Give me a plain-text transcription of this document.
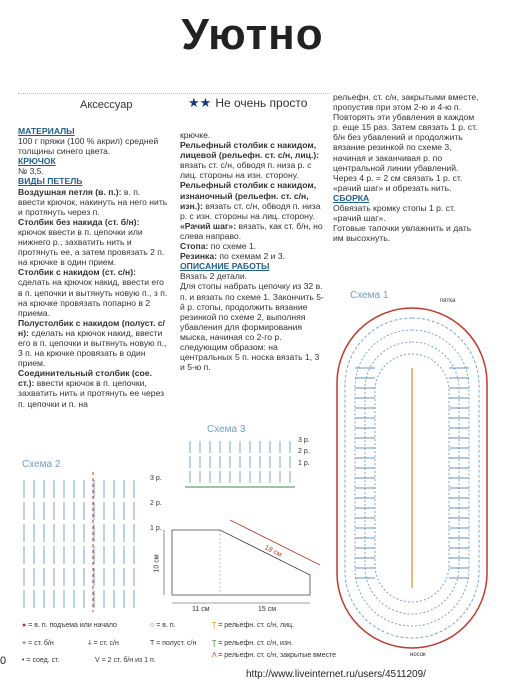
Уютно
Аксессуар	★★ Не очень просто

МАТЕРИАЛЫ

100 г пряжи (100 % акрил) средней толщины синего цвета.

КРЮЧОК

№ 3,5.

ВИДЫ ПЕТЕЛЬ

Воздушная петля (в. п.): в. п. ввести крючок, накинуть на него нить и протянуть через п.

Столбик без накида (ст. б/н): крючок ввести в п. цепочки или нижнего р., захватить нить и протянуть ее, а затем провязать 2 п. на крючке в один прием.

Столбик с накидом (ст. с/н): сделать на крючок накид, ввести его в п. цепочки и вытянуть новую п., з п. на крючке провязать попарно в 2 приема.

Полустолбик с накидом (полуст. с/н): сделать на крючок накид, ввести его в п. цепочки и вытянуть новую п., 3 п. на крючке провязать в один прием.

Соединительный столбик (сое. ст.): ввести крючок в п. цепочки, захватить нить и протянуть ее через п. цепочки и п. на

крючке.

Рельефный столбик с накидом, лицевой (рельефн. ст. с/н, лиц.): вязать ст. с/н, обводя п. низа р. с лиц. стороны на изн. сторону.

Рельефный столбик с накидом, изнаночный (рельефн. ст. с/н, изн.): вязать ст. с/н, обводя п. низа р. с изн. стороны на лиц. сторону.

«Рачий шаг»: вязать, как ст. б/н, но слева направо.

Стопа: по схеме 1.

Резинка: по схемам 2 и 3.

ОПИСАНИЕ РАБОТЫ

Вязать 2 детали.

Для стопы набрать цепочку из 32 в. п. и вязать по схеме 1. Закончить 5-й р. стопы, продолжить вязание резинкой по схеме 2, выполняя убавления для формирования мыска, начиная со 2-го р. следующим образом: на центральных 5 п. носка вязать 1, 3 и 5-ю п.

рельефн. ст. с/н, закрытыми вместе, пропустив при этом 2-ю и 4-ю п. Повторять эти убавления в каждом р. еще 15 раз. Затем связать 1 р. ст. б/н без убавлений и продолжить вязание резинкой по схеме 3, начиная и заканчивая р. по центральной линии убавлений. Через 4 р. = 2 см связать 1 р. ст. «рачий шаг» и обрезать нить.

СБОРКА

Обвязать кромку стопы 1 р. ст. «рачий шаг».

Готовые тапочки увлажнить и дать им высохнуть.

Схема 1	пятка
носок
Схема 2
3 р.
2 р.
1 р.
Схема 3
3 р.
2 р.
1 р.
18 см
10 см
11 см	15 см
● = в. п. подъема или начало	○ = в. п.	Ʈ = рельефн. ст. с/н, лиц.
+ = ст. б/н	ↆ = ст. с/н	T = полуст. с/н Ʈ = рельефн. ст. с/н, изн.
• = соед. ст.	V = 2 ст. б/н из 1 п.
Λ = рельефн. ст. с/н, закрытые вместе
0
http://www.liveinternet.ru/users/4511209/
